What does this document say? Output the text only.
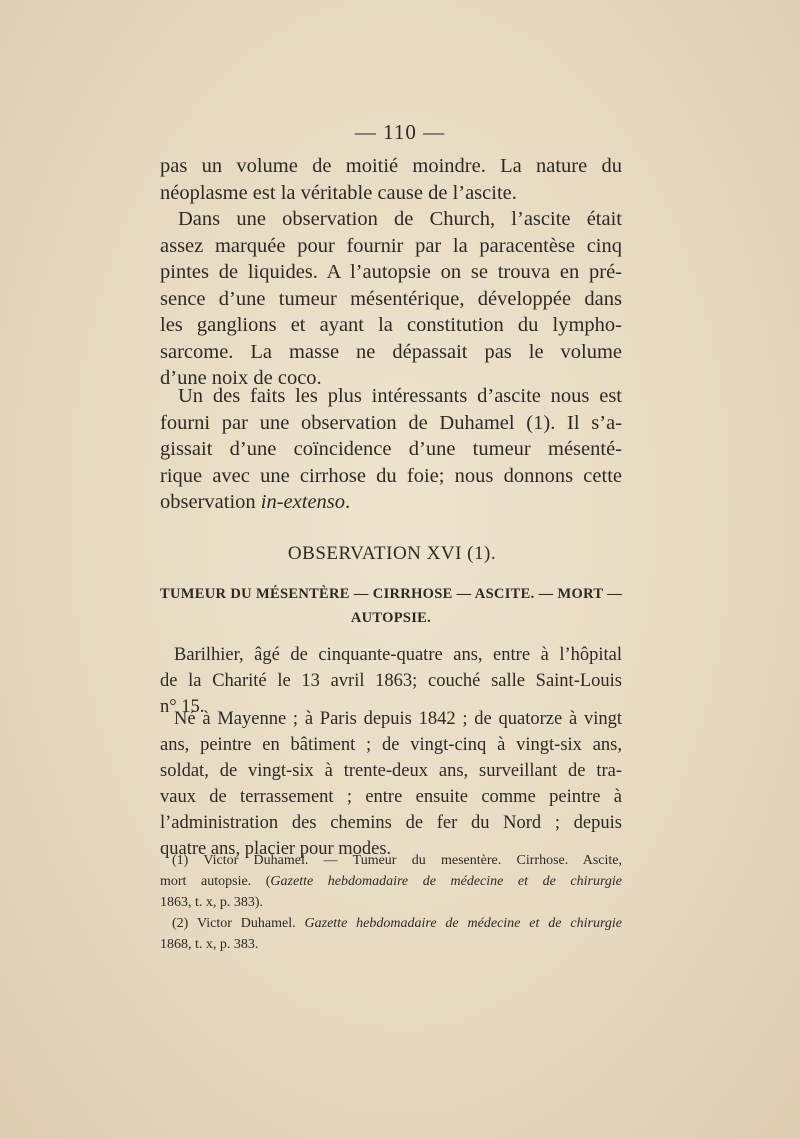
— 110 —
pas un volume de moitié moindre. La nature du
néoplasme est la véritable cause de l’ascite.
Dans une observation de Church, l’ascite était
assez marquée pour fournir par la paracentèse cinq
pintes de liquides. A l’autopsie on se trouva en pré-
sence d’une tumeur mésentérique, développée dans
les ganglions et ayant la constitution du lympho-
sarcome. La masse ne dépassait pas le volume
d’une noix de coco.
Un des faits les plus intéressants d’ascite nous est
fourni par une observation de Duhamel (1). Il s’a-
gissait d’une coïncidence d’une tumeur mésenté-
rique avec une cirrhose du foie; nous donnons cette
observation in-extenso.
OBSERVATION XVI (1).
TUMEUR DU MÉSENTÈRE — CIRRHOSE — ASCITE. — MORT —
AUTOPSIE.
Barilhier, âgé de cinquante-quatre ans, entre à l’hôpital
de la Charité le 13 avril 1863; couché salle Saint-Louis
n° 15.
Né à Mayenne ; à Paris depuis 1842 ; de quatorze à vingt
ans, peintre en bâtiment ; de vingt-cinq à vingt-six ans,
soldat, de vingt-six à trente-deux ans, surveillant de tra-
vaux de terrassement ; entre ensuite comme peintre à
l’administration des chemins de fer du Nord ; depuis
quatre ans, placier pour modes.
(1) Victor Duhamel. — Tumeur du mesentère. Cirrhose. Ascite,
mort autopsie. (Gazette hebdomadaire de médecine et de chirurgie
1863, t. x, p. 383).
(2) Victor Duhamel. Gazette hebdomadaire de médecine et de chirurgie
1868, t. x, p. 383.
